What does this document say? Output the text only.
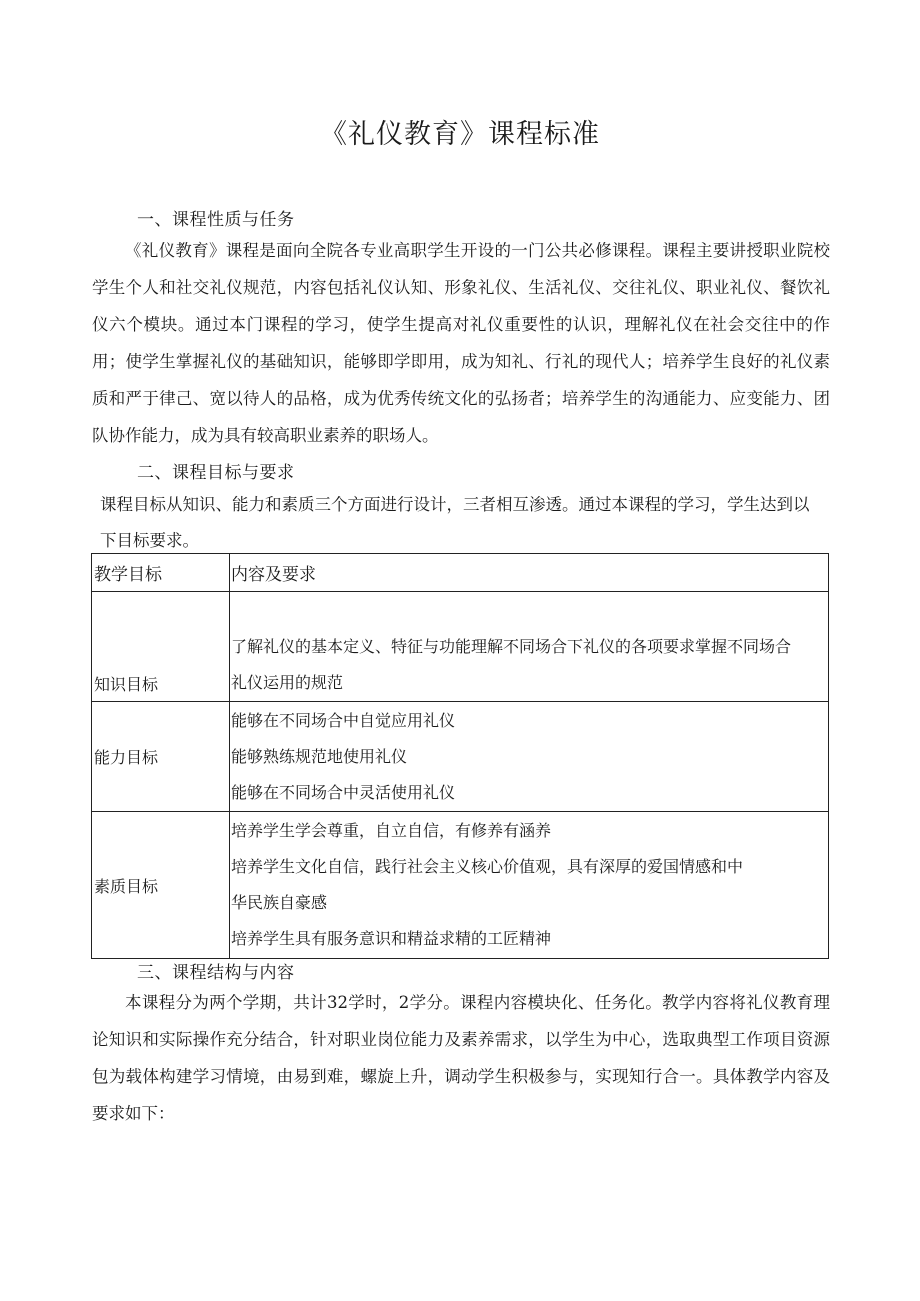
《礼仪教育》课程标准
一、课程性质与任务

《礼仪教育》课程是面向全院各专业高职学生开设的一门公共必修课程。课程主要讲授职业院校学生个人和社交礼仪规范，内容包括礼仪认知、形象礼仪、生活礼仪、交往礼仪、职业礼仪、餐饮礼仪六个模块。通过本门课程的学习，使学生提高对礼仪重要性的认识，理解礼仪在社会交往中的作用；使学生掌握礼仪的基础知识，能够即学即用，成为知礼、行礼的现代人；培养学生良好的礼仪素质和严于律己、宽以待人的品格，成为优秀传统文化的弘扬者；培养学生的沟通能力、应变能力、团队协作能力，成为具有较高职业素养的职场人。

二、课程目标与要求

课程目标从知识、能力和素质三个方面进行设计，三者相互渗透。通过本课程的学习，学生达到以
下目标要求。

教学目标	内容及要求

知识目标	了解礼仪的基本定义、特征与功能理解不同场合下礼仪的各项要求掌握不同场合
礼仪运用的规范

能力目标	能够在不同场合中自觉应用礼仪
能够熟练规范地使用礼仪
能够在不同场合中灵活使用礼仪

素质目标	培养学生学会尊重，自立自信，有修养有涵养
培养学生文化自信，践行社会主义核心价值观，具有深厚的爱国情感和中
华民族自豪感
培养学生具有服务意识和精益求精的工匠精神
三、课程结构与内容

本课程分为两个学期，共计32学时，2学分。课程内容模块化、任务化。教学内容将礼仪教育理论知识和实际操作充分结合，针对职业岗位能力及素养需求，以学生为中心，选取典型工作项目资源包为载体构建学习情境，由易到难，螺旋上升，调动学生积极参与，实现知行合一。具体教学内容及要求如下：
